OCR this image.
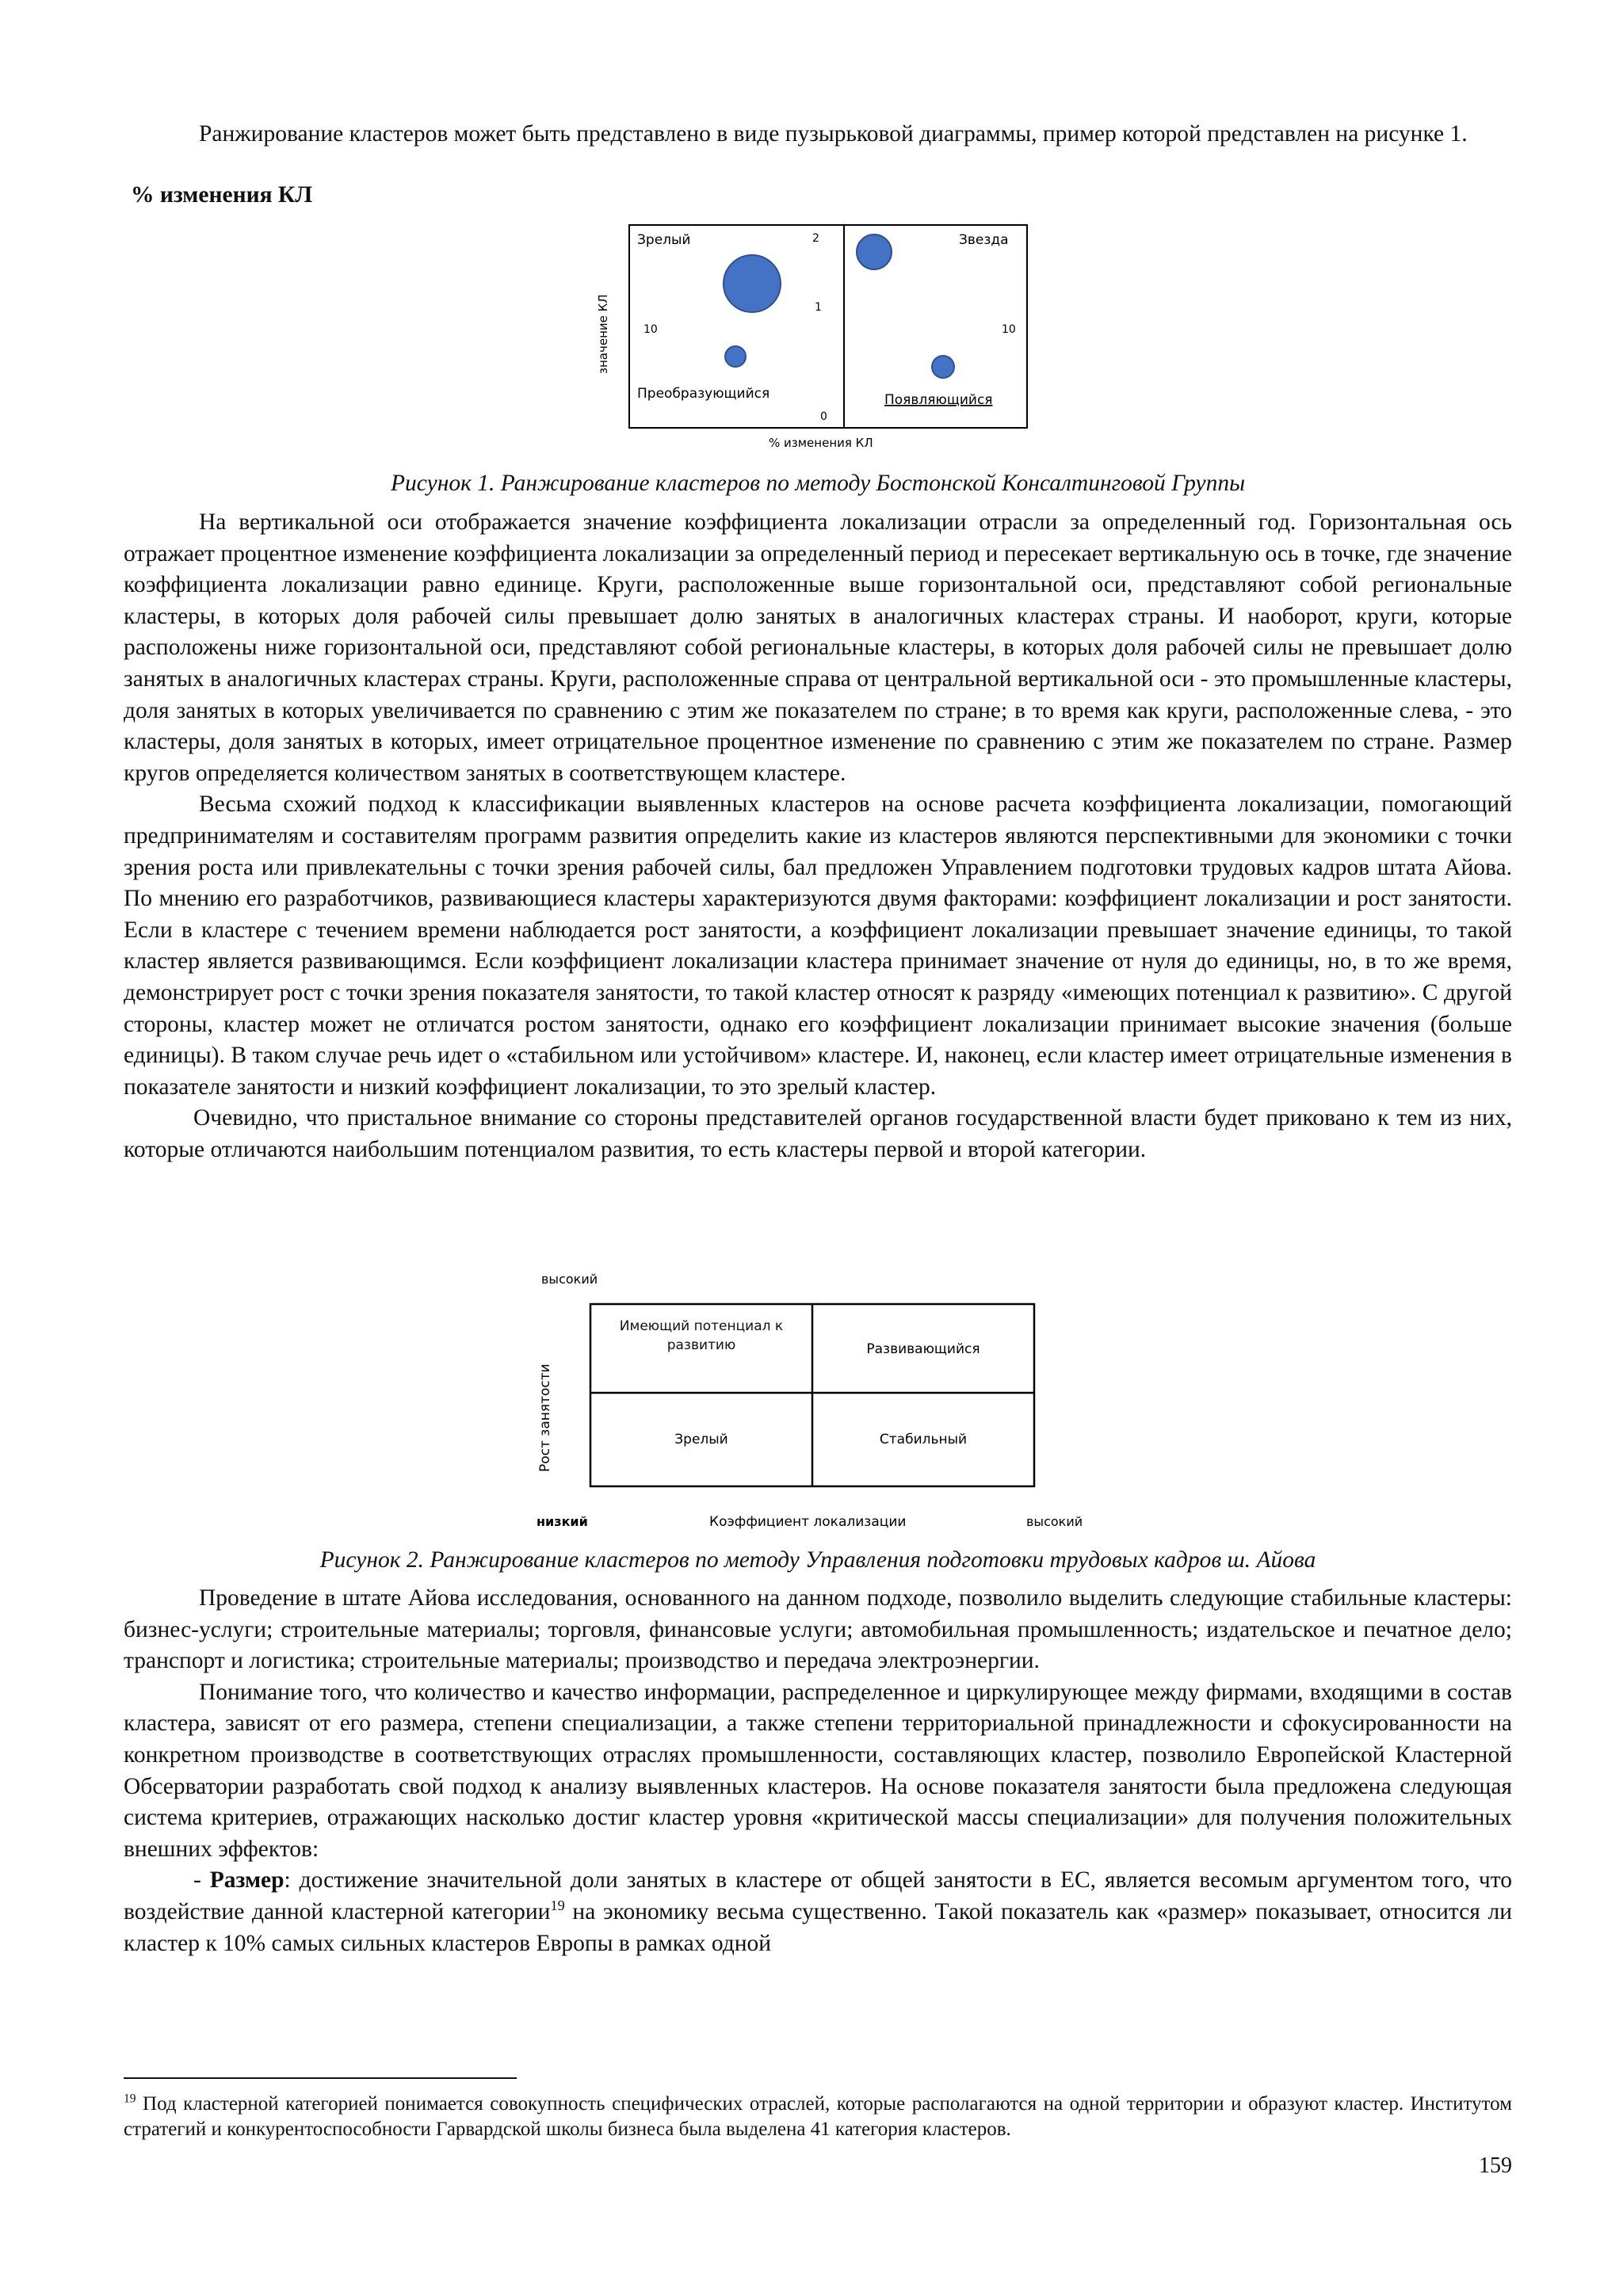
Ранжирование кластеров может быть представлено в виде пузырьковой диаграммы, пример которой представлен на рисунке 1.

% изменения КЛ
Зрелый	Звезда
Преобразующийся	Появляющийся
2
1
0
10	10
значение КЛ
% изменения КЛ
Рисунок 1. Ранжирование кластеров по методу Бостонской Консалтинговой Группы

На вертикальной оси отображается значение коэффициента локализации отрасли за определенный год. Горизонтальная ось отражает процентное изменение коэффициента локализации за определенный период и пересекает вертикальную ось в точке, где значение коэффициента локализации равно единице. Круги, расположенные выше горизонтальной оси, представляют собой региональные кластеры, в которых доля рабочей силы превышает долю занятых в аналогичных кластерах страны. И наоборот, круги, которые расположены ниже горизонтальной оси, представляют собой региональные кластеры, в которых доля рабочей силы не превышает долю занятых в аналогичных кластерах страны. Круги, расположенные справа от центральной вертикальной оси - это промышленные кластеры, доля занятых в которых увеличивается по сравнению с этим же показателем по стране; в то время как круги, расположенные слева, - это кластеры, доля занятых в которых, имеет отрицательное процентное изменение по сравнению с этим же показателем по стране. Размер кругов определяется количеством занятых в соответствующем кластере.

Весьма схожий подход к классификации выявленных кластеров на основе расчета коэффициента локализации, помогающий предпринимателям и составителям программ развития определить какие из кластеров являются перспективными для экономики с точки зрения роста или привлекательны с точки зрения рабочей силы, бал предложен Управлением подготовки трудовых кадров штата Айова. По мнению его разработчиков, развивающиеся кластеры характеризуются двумя факторами: коэффициент локализации и рост занятости. Если в кластере с течением времени наблюдается рост занятости, а коэффициент локализации превышает значение единицы, то такой кластер является развивающимся. Если коэффициент локализации кластера принимает значение от нуля до единицы, но, в то же время, демонстрирует рост с точки зрения показателя занятости, то такой кластер относят к разряду «имеющих потенциал к развитию». С другой стороны, кластер может не отличатся ростом занятости, однако его коэффициент локализации принимает высокие значения (больше единицы). В таком случае речь идет о «стабильном или устойчивом» кластере. И, наконец, если кластер имеет отрицательные изменения в показателе занятости и низкий коэффициент локализации, то это зрелый кластер.

Очевидно, что пристальное внимание со стороны представителей органов государственной власти будет приковано к тем из них, которые отличаются наибольшим потенциалом развития, то есть кластеры первой и второй категории.

высокий
Рост занятости
Имеющий потенциал к развитию	Развивающийся
Зрелый	Стабильный
низкий	Коэффициент локализации	высокий
Рисунок 2. Ранжирование кластеров по методу Управления подготовки трудовых кадров ш. Айова

Проведение в штате Айова исследования, основанного на данном подходе, позволило выделить следующие стабильные кластеры: бизнес-услуги; строительные материалы; торговля, финансовые услуги; автомобильная промышленность; издательское и печатное дело; транспорт и логистика; строительные материалы; производство и передача электроэнергии.

Понимание того, что количество и качество информации, распределенное и циркулирующее между фирмами, входящими в состав кластера, зависят от его размера, степени специализации, а также степени территориальной принадлежности и сфокусированности на конкретном производстве в соответствующих отраслях промышленности, составляющих кластер, позволило Европейской Кластерной Обсерватории разработать свой подход к анализу выявленных кластеров. На основе показателя занятости была предложена следующая система критериев, отражающих насколько достиг кластер уровня «критической массы специализации» для получения положительных внешних эффектов:

- Размер: достижение значительной доли занятых в кластере от общей занятости в ЕС, является весомым аргументом того, что воздействие данной кластерной категории$^{19}$ на экономику весьма существенно. Такой показатель как «размер» показывает, относится ли кластер к 10% самых сильных кластеров Европы в рамках одной

$^{19}$ Под кластерной категорией понимается совокупность специфических отраслей, которые располагаются на одной территории и образуют кластер. Институтом стратегий и конкурентоспособности Гарвардской школы бизнеса была выделена 41 категория кластеров.
159
